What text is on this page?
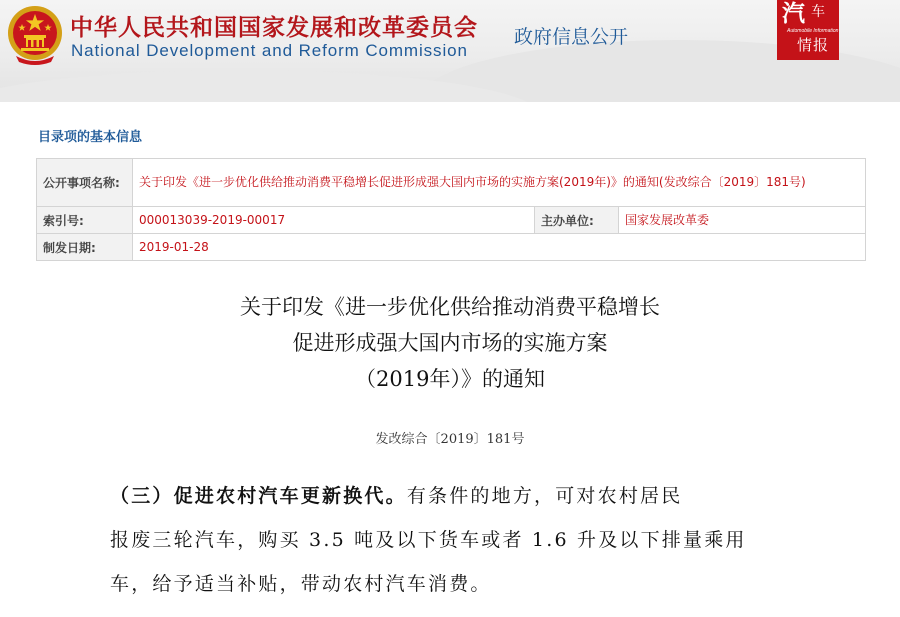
中华人民共和国国家发展和改革委员会
National Development and Reform Commission
政府信息公开
汽 车
Automobile Information
情报
目录项的基本信息
公开事项名称:	关于印发《进一步优化供给推动消费平稳增长促进形成强大国内市场的实施方案(2019年)》的通知(发改综合〔2019〕181号)		
索引号:	000013039-2019-00017	主办单位:	国家发展改革委
制发日期:	2019-01-28		
关于印发《进一步优化供给推动消费平稳增长
促进形成强大国内市场的实施方案
（2019年）》的通知
发改综合〔2019〕181号
（三）促进农村汽车更新换代。有条件的地方，可对农村居民
报废三轮汽车，购买 3.5 吨及以下货车或者 1.6 升及以下排量乘用
车，给予适当补贴，带动农村汽车消费。
